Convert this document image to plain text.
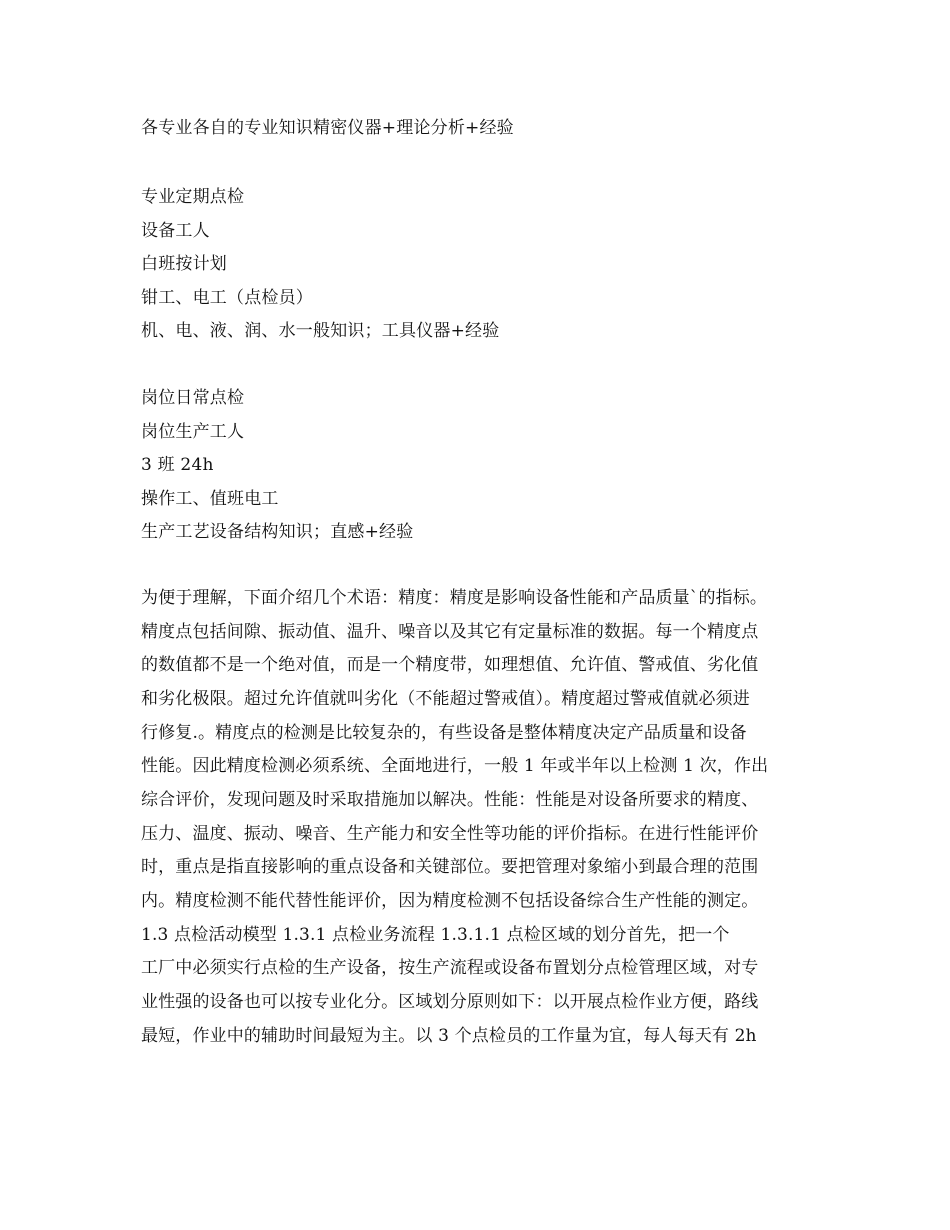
各专业各自的专业知识精密仪器+理论分析+经验
专业定期点检
设备工人
白班按计划
钳工、电工（点检员）
机、电、液、润、水一般知识；工具仪器+经验
岗位日常点检
岗位生产工人
3 班 24h
操作工、值班电工
生产工艺设备结构知识；直感+经验
为便于理解，下面介绍几个术语：精度：精度是影响设备性能和产品质量`的指标。
精度点包括间隙、振动值、温升、噪音以及其它有定量标准的数据。每一个精度点
的数值都不是一个绝对值，而是一个精度带，如理想值、允许值、警戒值、劣化值
和劣化极限。超过允许值就叫劣化（不能超过警戒值）。精度超过警戒值就必须进
行修复.。精度点的检测是比较复杂的，有些设备是整体精度决定产品质量和设备
性能。因此精度检测必须系统、全面地进行，一般 1 年或半年以上检测 1 次，作出
综合评价，发现问题及时采取措施加以解决。性能：性能是对设备所要求的精度、
压力、温度、振动、噪音、生产能力和安全性等功能的评价指标。在进行性能评价
时，重点是指直接影响的重点设备和关键部位。要把管理对象缩小到最合理的范围
内。精度检测不能代替性能评价，因为精度检测不包括设备综合生产性能的测定。
1.3 点检活动模型 1.3.1 点检业务流程 1.3.1.1 点检区域的划分首先，把一个
工厂中必须实行点检的生产设备，按生产流程或设备布置划分点检管理区域，对专
业性强的设备也可以按专业化分。区域划分原则如下：以开展点检作业方便，路线
最短，作业中的辅助时间最短为主。以 3 个点检员的工作量为宜，每人每天有 2h
